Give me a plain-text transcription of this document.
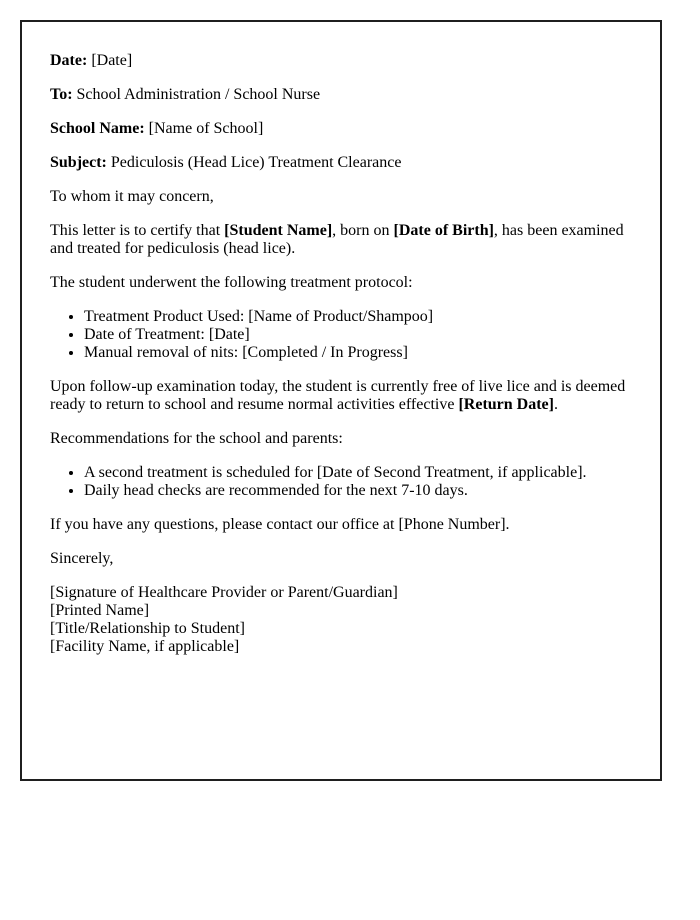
Date: [Date]

To: School Administration / School Nurse

School Name: [Name of School]

Subject: Pediculosis (Head Lice) Treatment Clearance

To whom it may concern,

This letter is to certify that [Student Name], born on [Date of Birth], has been examined and treated for pediculosis (head lice).

The student underwent the following treatment protocol:

• Treatment Product Used: [Name of Product/Shampoo]
• Date of Treatment: [Date]
• Manual removal of nits: [Completed / In Progress]

Upon follow-up examination today, the student is currently free of live lice and is deemed ready to return to school and resume normal activities effective [Return Date].

Recommendations for the school and parents:

• A second treatment is scheduled for [Date of Second Treatment, if applicable].
• Daily head checks are recommended for the next 7-10 days.

If you have any questions, please contact our office at [Phone Number].

Sincerely,

[Signature of Healthcare Provider or Parent/Guardian]
[Printed Name]
[Title/Relationship to Student]
[Facility Name, if applicable]
